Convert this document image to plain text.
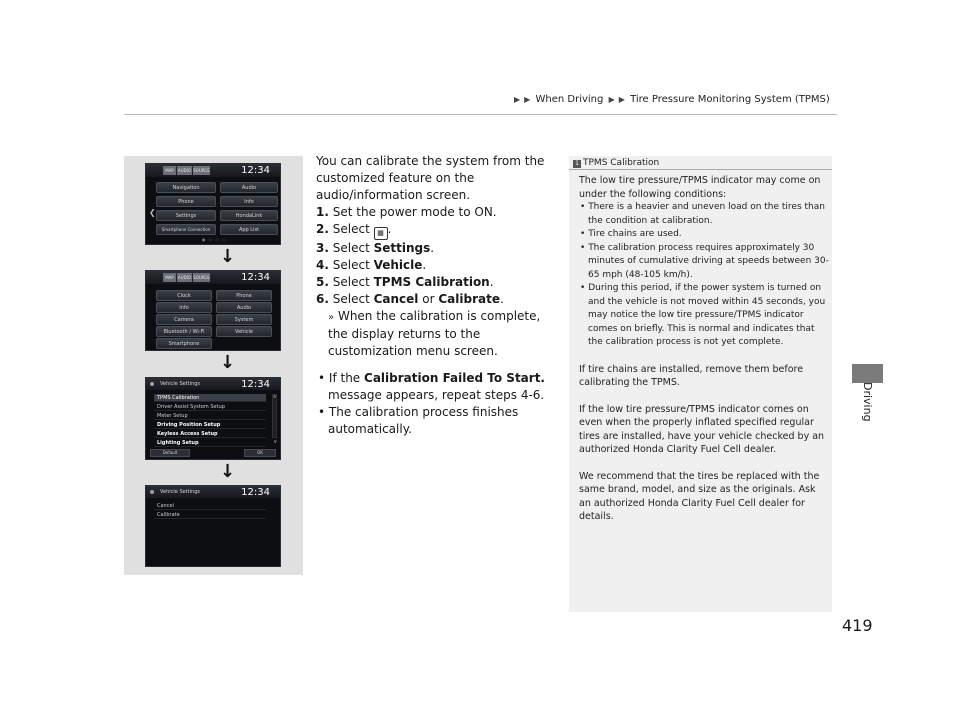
▶ ▶ When Driving ▶ ▶ Tire Pressure Monitoring System (TPMS)
Driving
419
MAP	AUDIO SOURCE	12:34
❮
Navigation	Audio
Phone	Info
Settings	HondaLink
Smartphone Connection	App List
● ○ ○ ○
↓
MAP	AUDIO SOURCE	12:34
Clock	Phone
Info	Audio
Camera	System
Bluetooth / Wi-Fi	Vehicle
Smartphone
↓
Vehicle Settings	12:34
TPMS Calibration
Driver Assist System Setup
Meter Setup
Driving Position Setup
Keyless Access Setup
Lighting Setup
»
»
Default	OK
↓
Vehicle Settings	12:34
Cancel
Calibrate

You can calibrate the system from the customized feature on the audio/information screen.

1. Set the power mode to ON.

2. Select ▦ .

3. Select Settings.

4. Select Vehicle.

5. Select TPMS Calibration.

6. Select Cancel or Calibrate.

» When the calibration is complete, the display returns to the customization menu screen.

• If the Calibration Failed To Start. message appears, repeat steps 4-6.

• The calibration process finishes automatically.

1 TPMS Calibration

The low tire pressure/TPMS indicator may come on under the following conditions:

• There is a heavier and uneven load on the tires than the condition at calibration.

• Tire chains are used.

• The calibration process requires approximately 30 minutes of cumulative driving at speeds between 30-65 mph (48-105 km/h).

• During this period, if the power system is turned on and the vehicle is not moved within 45 seconds, you may notice the low tire pressure/TPMS indicator comes on briefly. This is normal and indicates that the calibration process is not yet complete.

If tire chains are installed, remove them before calibrating the TPMS.

If the low tire pressure/TPMS indicator comes on even when the properly inflated specified regular tires are installed, have your vehicle checked by an authorized Honda Clarity Fuel Cell dealer.

We recommend that the tires be replaced with the same brand, model, and size as the originals. Ask an authorized Honda Clarity Fuel Cell dealer for details.
